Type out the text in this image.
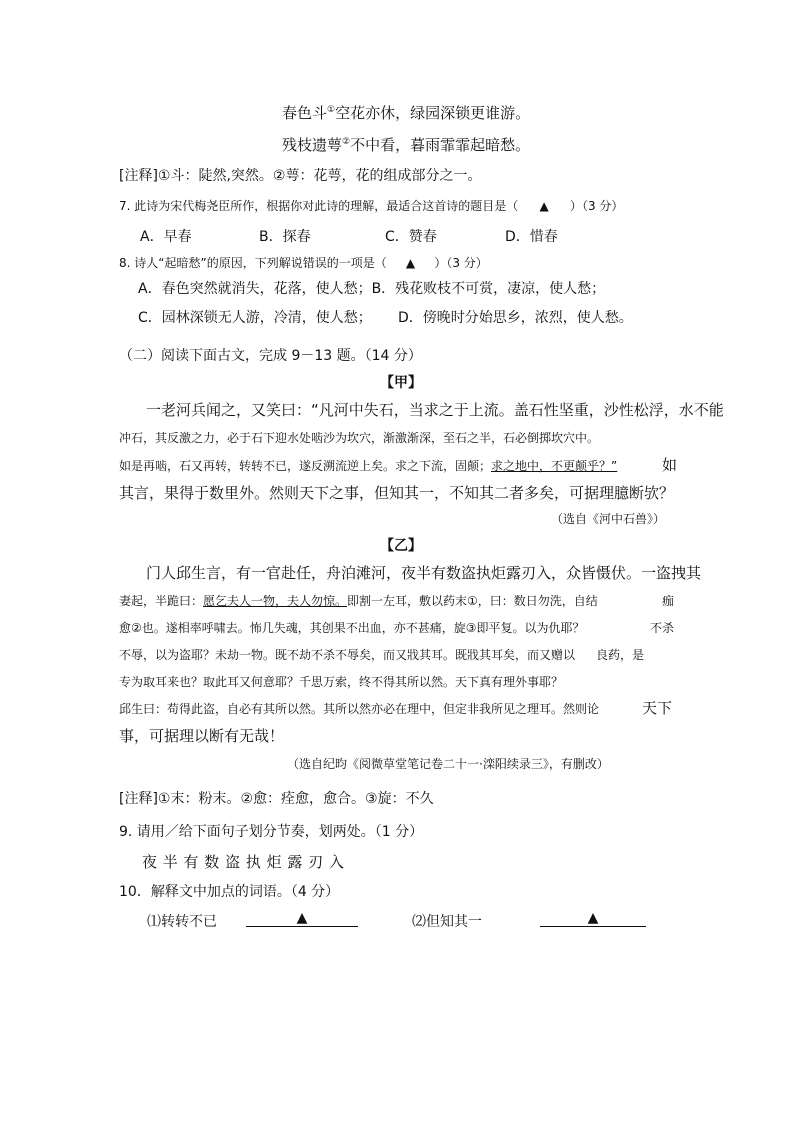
春色斗①空花亦休，绿园深锁更谁游。
残枝遗萼②不中看，暮雨霏霏起暗愁。
[注释]①斗：陡然,突然。②萼：花萼，花的组成部分之一。
7. 此诗为宋代梅尧臣所作，根据你对此诗的理解，最适合这首诗的题目是（ ▲ ）（3 分）
A．早春	B．探春	C．赞春	D．惜春
8. 诗人“起暗愁”的原因，下列解说错误的一项是（ ▲ ）（3 分）
A．春色突然就消失，花落，使人愁；B．残花败枝不可赏，凄凉，使人愁；
C．园林深锁无人游，冷清，使人愁； D．傍晚时分始思乡，浓烈，使人愁。
（二）阅读下面古文，完成 9－13 题。（14 分）
【甲】
一老河兵闻之，又笑曰：“凡河中失石，当求之于上流。盖石性坚重，沙性松浮，水不能
冲石，其反激之力，必于石下迎水处啮沙为坎穴，渐激渐深，至石之半，石必倒掷坎穴中。
如是再啮，石又再转，转转不已，遂反溯流逆上矣。求之下流，固颠；求之地中，不更颠乎？”	如
其言，果得于数里外。然则天下之事，但知其一，不知其二者多矣，可据理臆断欤？
（选自《河中石兽》）
【乙】
门人邱生言，有一官赴任，舟泊滩河，夜半有数盗执炬露刃入，众皆慑伏。一盗拽其
妻起，半跪曰：愿乞夫人一物，夫人勿惊。即割一左耳，敷以药末①，曰：数日勿洗，自结	痂
愈②也。遂相率呼啸去。怖几失魂，其创果不出血，亦不甚痛，旋③即平复。以为仇耶？	不杀
不辱，以为盗耶？未劫一物。既不劫不杀不辱矣，而又戕其耳。既戕其耳矣，而又赠以 良药，是
专为取耳来也？取此耳又何意耶？千思万索，终不得其所以然。天下真有理外事耶？
邱生曰：苟得此盗，自必有其所以然。其所以然亦必在理中，但定非我所见之理耳。然则论	天下
事，可据理以断有无哉！
（选自纪昀《阅微草堂笔记卷二十一·滦阳续录三》，有删改）
[注释]①末：粉末。②愈：痊愈，愈合。③旋：不久
9. 请用／给下面句子划分节奏，划两处。（1 分）
夜 半 有 数 盗 执 炬 露 刃 入
10．解释文中加点的词语。（4 分）
⑴转转不已	▲	⑵但知其一	▲
